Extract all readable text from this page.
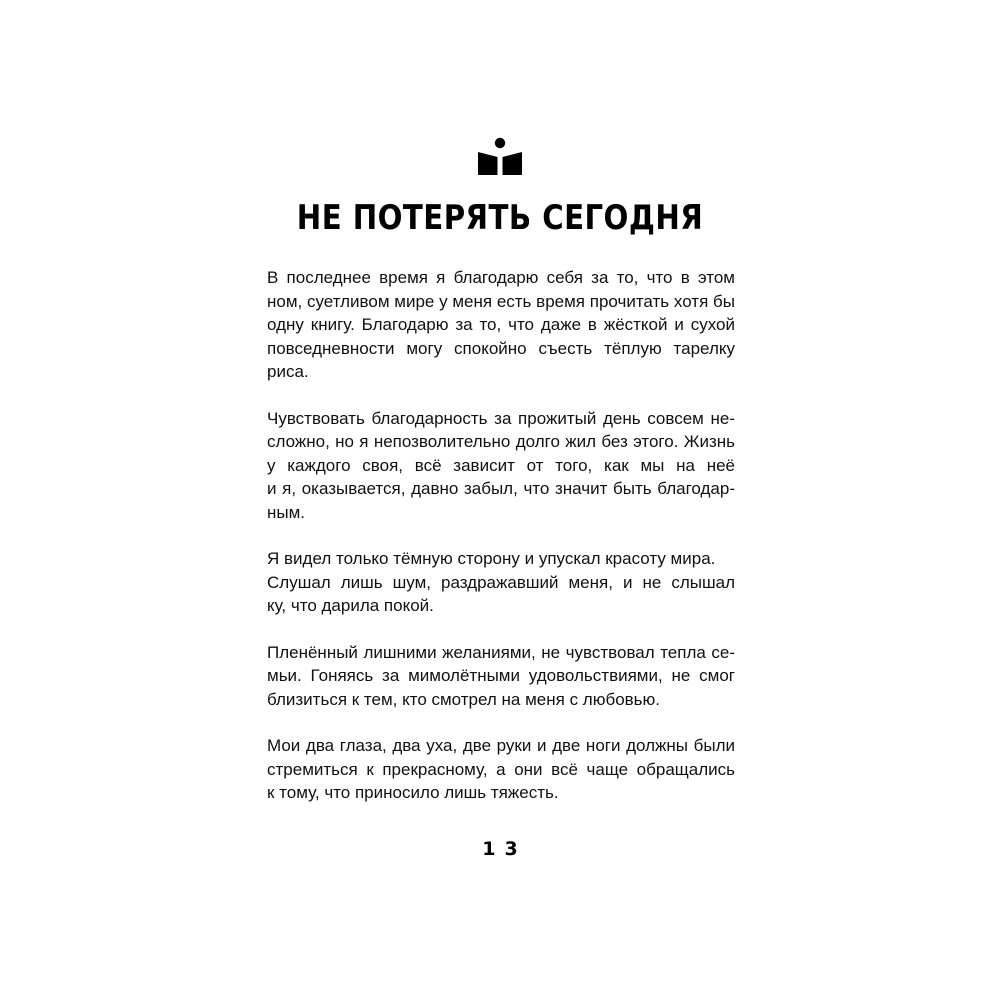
НЕ ПОТЕРЯТЬ СЕГОДНЯ
В последнее время я благодарю себя за то, что в этом
ном, суетливом мире у меня есть время прочитать хотя бы
одну книгу. Благодарю за то, что даже в жёсткой и сухой
повседневности могу спокойно съесть тёплую тарелку
риса.
Чувствовать благодарность за прожитый день совсем не-
сложно, но я непозволительно долго жил без этого. Жизнь
у каждого своя, всё зависит от того, как мы на неё
и я, оказывается, давно забыл, что значит быть благодар-
ным.
Я видел только тёмную сторону и упускал красоту мира.
Слушал лишь шум, раздражавший меня, и не слышал
ку, что дарила покой.
Пленённый лишними желаниями, не чувствовал тепла се-
мьи. Гоняясь за мимолётными удовольствиями, не смог
близиться к тем, кто смотрел на меня с любовью.
Мои два глаза, два уха, две руки и две ноги должны были
стремиться к прекрасному, а они всё чаще обращались
к тому, что приносило лишь тяжесть.
13
